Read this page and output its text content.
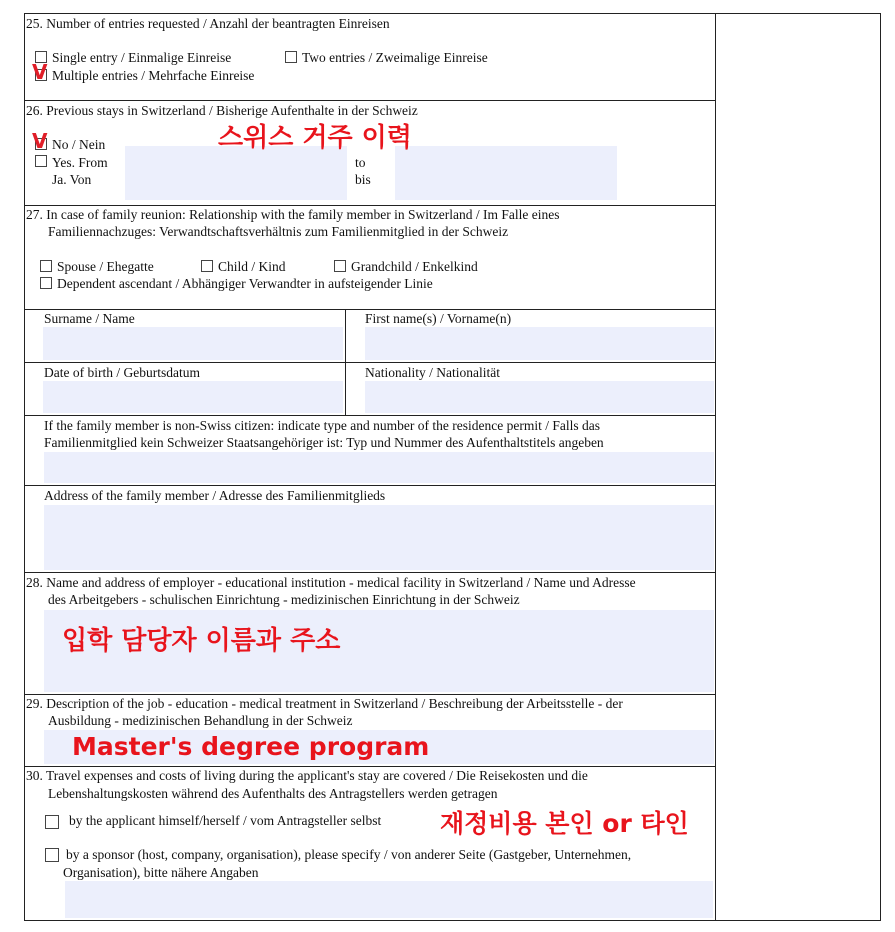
25. Number of entries requested / Anzahl der beantragten Einreisen
Single entry / Einmalige Einreise	Two entries / Zweimalige Einreise
V Multiple entries / Mehrfache Einreise
26. Previous stays in Switzerland / Bisherige Aufenthalte in der Schweiz
V No / Nein
Yes. From
Ja. Von
to
bis
스위스 거주 이력
27. In case of family reunion: Relationship with the family member in Switzerland / Im Falle eines
Familiennachzuges: Verwandtschaftsverhältnis zum Familienmitglied in der Schweiz
Spouse / Ehegatte	Child / Kind	Grandchild / Enkelkind
Dependent ascendant / Abhängiger Verwandter in aufsteigender Linie
Surname / Name	First name(s) / Vorname(n)
Date of birth / Geburtsdatum	Nationality / Nationalität
If the family member is non-Swiss citizen: indicate type and number of the residence permit / Falls das
Familienmitglied kein Schweizer Staatsangehöriger ist: Typ und Nummer des Aufenthaltstitels angeben
Address of the family member / Adresse des Familienmitglieds
28. Name and address of employer - educational institution - medical facility in Switzerland / Name und Adresse
des Arbeitgebers - schulischen Einrichtung - medizinischen Einrichtung in der Schweiz
입학 담당자 이름과 주소
29. Description of the job - education - medical treatment in Switzerland / Beschreibung der Arbeitsstelle - der
Ausbildung - medizinischen Behandlung in der Schweiz
Master's degree program
30. Travel expenses and costs of living during the applicant's stay are covered / Die Reisekosten und die
Lebenshaltungskosten während des Aufenthalts des Antragstellers werden getragen
by the applicant himself/herself / vom Antragsteller selbst 재정비용 본인 or 타인
by a sponsor (host, company, organisation), please specify / von anderer Seite (Gastgeber, Unternehmen,
Organisation), bitte nähere Angaben
